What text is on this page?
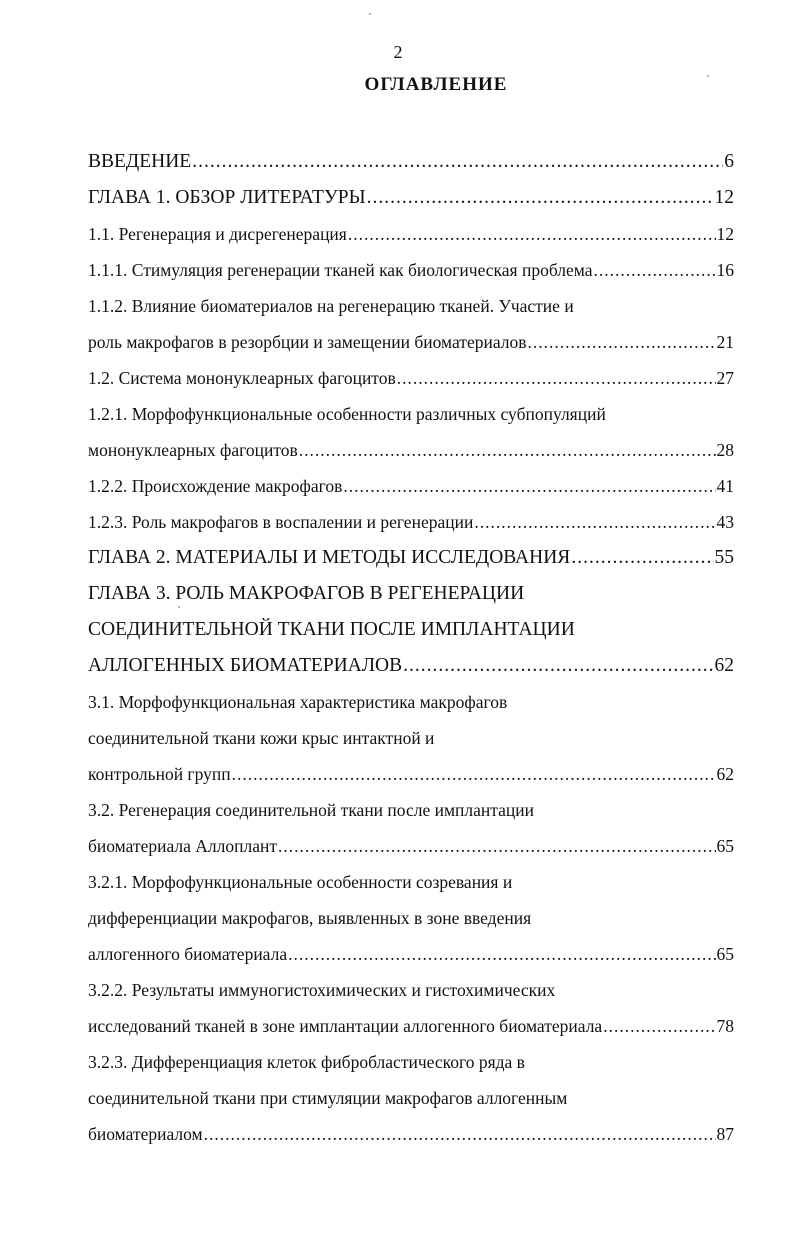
2
ОГЛАВЛЕНИЕ
ВВЕДЕНИЕ .....	6
ГЛАВА 1. ОБЗОР ЛИТЕРАТУРЫ .....	12
1.1. Регенерация и дисрегенерация .....	12
1.1.1. Стимуляция регенерации тканей как биологическая проблема .....	16
1.1.2. Влияние биоматериалов на регенерацию тканей. Участие и
роль макрофагов в резорбции и замещении биоматериалов .....	21
1.2. Система мононуклеарных фагоцитов .....	27
1.2.1. Морфофункциональные особенности различных субпопуляций
мононуклеарных фагоцитов .....	28
1.2.2. Происхождение макрофагов .....	41
1.2.3. Роль макрофагов в воспалении и регенерации .....	43
ГЛАВА 2. МАТЕРИАЛЫ И МЕТОДЫ ИССЛЕДОВАНИЯ .....	55
ГЛАВА 3. РОЛЬ МАКРОФАГОВ В РЕГЕНЕРАЦИИ
СОЕДИНИТЕЛЬНОЙ ТКАНИ ПОСЛЕ ИМПЛАНТАЦИИ
АЛЛОГЕННЫХ БИОМАТЕРИАЛОВ .....	62
3.1. Морфофункциональная характеристика макрофагов
соединительной ткани кожи крыс интактной и
контрольной групп .....	62
3.2. Регенерация соединительной ткани после имплантации
биоматериала Аллоплант .....	65
3.2.1. Морфофункциональные особенности созревания и
дифференциации макрофагов, выявленных в зоне введения
аллогенного биоматериала .....	65
3.2.2. Результаты иммуногистохимических и гистохимических
исследований тканей в зоне имплантации аллогенного биоматериала .....	78
3.2.3. Дифференциация клеток фибробластического ряда в
соединительной ткани при стимуляции макрофагов аллогенным
биоматериалом .....	87
